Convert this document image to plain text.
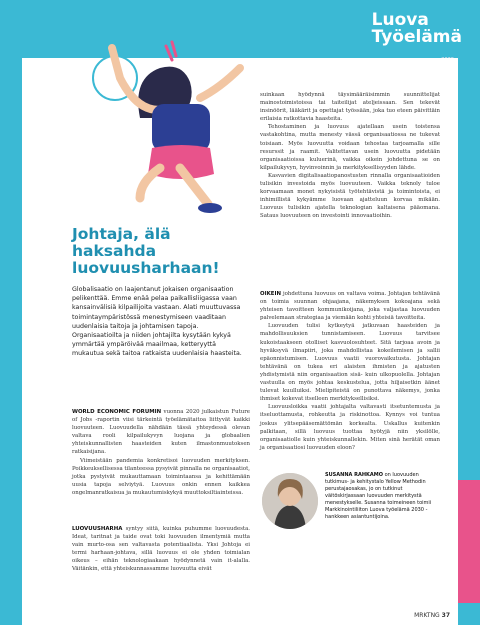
Luova
Työelämä
Johtaja, älä haksahda luovuusharhaan!

Globalisaatio on laajentanut jokaisen organisaation pelikenttää. Emme enää pelaa paikallisliigassa vaan kansainvälisiä kilpailijoita vastaan. Alati muuttuvassa toimintaympäristössä menestymiseen vaaditaan uudenlaisia taitoja ja johtamisen tapoja. Organisaatioilta ja niiden johtajilta kysytään kykyä ymmärtää ympäröivää maailmaa, ketteryyttä mukautua sekä taitoa ratkaista uudenlaisia haasteita.

WORLD ECONOMIC FORUMIN vuonna 2020 julkaistun Future of Jobs -raportin viisi tärkeintä työelämätaitoa liittyvät kaikki luovuuteen. Luovuudella nähdään tässä yhteydessä olevan valtava rooli kilpailukyvyn luojana ja globaalien yhteiskunnallisten haasteiden kuten ilmastonmuutoksen ratkaisijana.

Viimeistään pandemia konkretisoi luovuuden merkityksen. Poikkeuksellisessa tilanteessa pysyivät pinnalla ne organisaatiot, jotka pystyivät mukauttamaan toimintaansa ja kehittämään uusia tapoja selviytyä. Luovuus onkin ennen kaikkea ongelmanratkaisua ja mukautumiskykyä muuttoksiltiainteissa.

LUOVUUSHARHA syntyy siitä, kuinka puhumme luovuudesta. Ideat, taritnat ja taide ovat toki luovuuden ilmentymiä mutta vain murto-osa sen valtavasta potentiaalista. Yksi Johtoja ei termi harhaan-johtava, sillä luovuus ei ole yhden toimialan oikeus – eihän teknologiaakaan hyödynnetä vain it-alalla. Väitänkin, että yhteiskunnassamme luovuutta eivät

suinkaan hyödynnä täysimääräisimmin suunnittelijat mainostoimistoissa tai taiteilijat ateljeissaan. Sen tekevät insinöörit, lääkärit ja opettajat työssään, joka tuo eteen päivittäin erilaisia ratkottavia haasteita.

Tehostaminen ja luovuus ajatellaan usein toistensa vastakohtina, mutta menesty vässä organisaatiossa ne tukevat toisiaan. Myös luovuutta voidaan tehostaa tarjoamalla sille resurssit ja raamit. Valitettavan usein luovuutta pidetään organisaatioissa kuluerinä, vaikka oikein johdettuna se on kilpailukyvyn, hyvinvoinnin ja merkityksellisyyden lähde.

Kasvavien digitalisaatiopanostusten rinnalla organisaatioiden tulisikin investoida myös luovuuteen. Vaikka teknoly tuloe korvaamaan monet nykyisistä työtehtävistä ja toimintoista, ei inhimillistä kykyämme luovaan ajatteluun korvaa mikään. Luovuus tulisikin ajatella teknologian kaltaisena pääomana. Sataus luovuuteen on investointi innovaatioihin.

OIKEIN johdettuna luovuus on valtava voima. Johtajan tehtävänä on toimia suunnan ohjaajana, näkemyksen kokoajana sekä yhteisen tavoitteen kommunikoijana, joka valjastaa luovuuden palvelemaan strategiaa ja viemään kohti yhteisiä tavoitteita.

Luovuuden tulisi kytkeytyä jatkuvaan haasteiden ja mahdollisuuksien tunnistamiseen. Luovuus tarvitsee kukoistaakseen otolliset kasvuolosuhteet. Sitä tarjoaa avoin ja hyväksyvä ilmapiiri, joka mahdollistaa kokeilemisen ja sallii epäonnistumisen. Luovuus vaatii vuorovaikutusta. Johtajan tehtävänä on tukea eri alaisten ihmisten ja ajatusten yhdistymistä niin organisaation sisä- kuin ulkopuolella. Johtajan vastuulla on myös johtaa keskustelua, jotta hiljaisetkin äänet tulevat kuulluiksi. Mielipiteistä on punottava näkemys, jonka ihmiset kokevat itselleen merkityksellisiksi.

Luovuusloikka vaatii johtajalta valtavasti itsetuntemusta ja itseluottamusta, rohkeutta ja riskinottoa. Kynnys voi tuntua joskus ylitsepääsemättömän korkealta. Uskallus kuitenkin palkitaan, sillä luovuus tuottaa hyötyjä niin yksilölle, organisaatiolle kuin yhteiskunnallekin. Miten sinä herätät oman ja organisaatiosi luovuuden eloon?

SUSANNA RAHKAMO on luovuuden tutkimus- ja kehitystalo Yellow Methodin perustajaosakas, jo on tutkinut väitöskirjassaan luovuuden merkitystä menestykselle. Susanna toimeineen toimii Markkinointiliiton Luova työelämä 2030 -hankkeen asiantuntijoina.

MRKTNG 37
